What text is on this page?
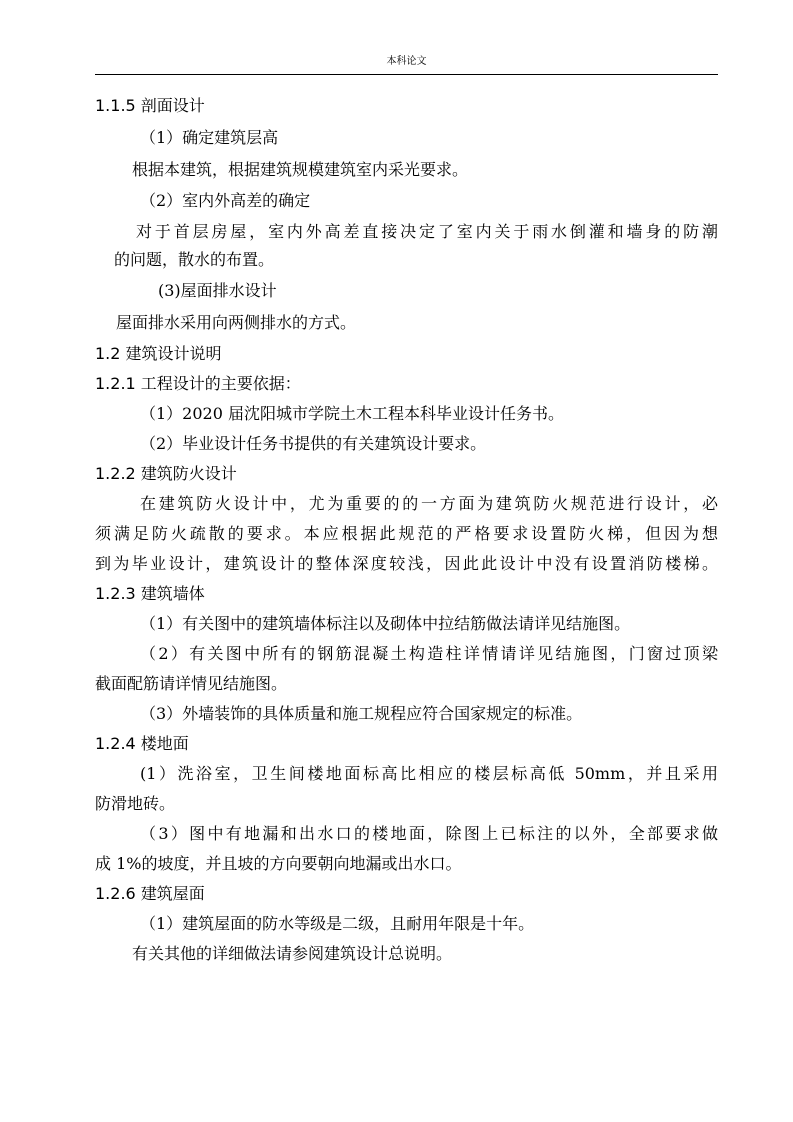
本科论文
1.1.5 剖面设计
（1）确定建筑层高
根据本建筑，根据建筑规模建筑室内采光要求。
（2）室内外高差的确定
对于首层房屋，室内外高差直接决定了室内关于雨水倒灌和墙身的防潮
的问题，散水的布置。
(3)屋面排水设计
屋面排水采用向两侧排水的方式。
1.2 建筑设计说明
1.2.1 工程设计的主要依据：
（1）2020 届沈阳城市学院土木工程本科毕业设计任务书。
（2）毕业设计任务书提供的有关建筑设计要求。
1.2.2 建筑防火设计
在建筑防火设计中，尤为重要的的一方面为建筑防火规范进行设计，必
须满足防火疏散的要求。本应根据此规范的严格要求设置防火梯，但因为想
到为毕业设计，建筑设计的整体深度较浅，因此此设计中没有设置消防楼梯。
1.2.3 建筑墙体
（1）有关图中的建筑墙体标注以及砌体中拉结筋做法请详见结施图。
（2）有关图中所有的钢筋混凝土构造柱详情请详见结施图，门窗过顶梁
截面配筋请详情见结施图。
（3）外墙装饰的具体质量和施工规程应符合国家规定的标准。
1.2.4 楼地面
(1）洗浴室，卫生间楼地面标高比相应的楼层标高低 50mm，并且采用
防滑地砖。
（3）图中有地漏和出水口的楼地面，除图上已标注的以外，全部要求做
成 1%的坡度，并且坡的方向要朝向地漏或出水口。
1.2.6 建筑屋面
（1）建筑屋面的防水等级是二级，且耐用年限是十年。
有关其他的详细做法请参阅建筑设计总说明。
